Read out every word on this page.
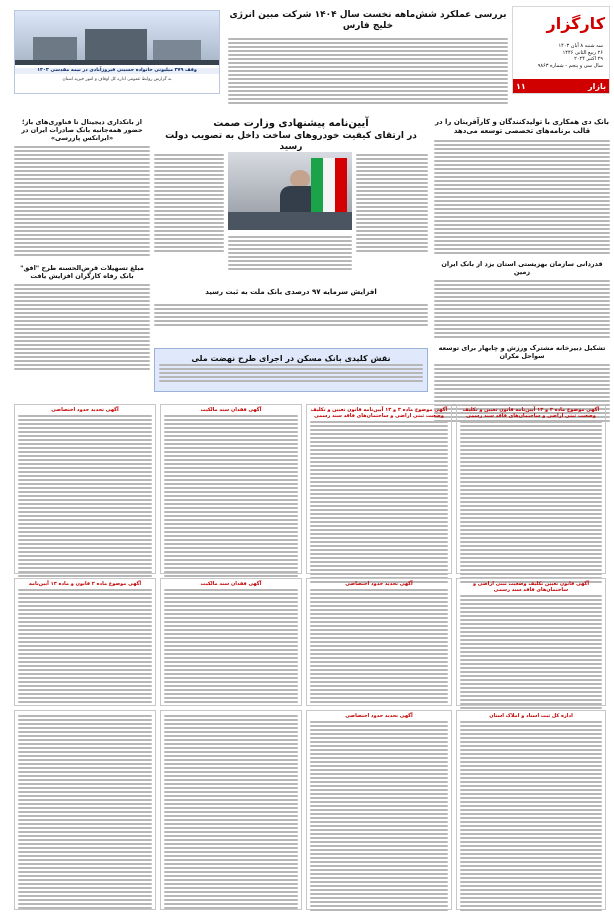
کارگزار
سه شنبه ۸ آبان ۱۴۰۳
۲۶ ربیع الثانی ۱۴۴۶
۲۹ اکتبر ۲۰۲۴
سال سی و پنجم - شماره ۹۸۶۳
بازار
۱۱
بررسی عملکرد شش‌ماهه نخست سال ۱۴۰۴ شرکت مبین انرژی خلیج فارس
وقف ۳۷۹ میلیونی خانواده حسینی فیروزآبادی در نیمه مقدسی ۱۴۰۳
به گزارش روابط عمومی اداره کل اوقاف و امور خیریه استان
بانک دی همکاری با تولیدکنندگان و کارآفرینان را در قالب برنامه‌های تخصصی توسعه می‌دهد
قدردانی سازمان بهزیستی استان یزد از بانک ایران زمین
تشکیل دبیرخانه مشترک ورزش و چابهار برای توسعه سواحل مکران
آیین‌نامه پیشنهادی وزارت صمت
در ارتقای کیفیت خودروهای ساخت داخل به تصویب دولت رسید
افزایش سرمایه ۹۷ درصدی بانک ملت به ثبت رسید
نقش کلیدی بانک مسکن در اجرای طرح نهضت ملی
از بانکداری دیجیتال تا فناوری‌های باز؛ حضور همه‌جانبه بانک صادرات ایران در «ایرانکس پازرسی»
مبلغ تسهیلات قرض‌الحسنه طرح "افق" بانک رفاه کارگران افزایش یافت
آگهی موضوع ماده ۳ و ۱۳ آیین‌نامه قانون تعیین و تکلیف وضعیت ثبتی اراضی و ساختمان‌های فاقد سند رسمی
آگهی موضوع ماده ۳ و ۱۳ آیین‌نامه قانون تعیین و تکلیف وضعیت ثبتی اراضی و ساختمان‌های فاقد سند رسمی
آگهی فقدان سند مالکیت
آگهی تحدید حدود اختصاصی
آگهی قانون تعیین تکلیف وضعیت ثبتی اراضی و ساختمان‌های فاقد سند رسمی
آگهی تحدید حدود اختصاصی
آگهی فقدان سند مالکیت
آگهی موضوع ماده ۳ قانون و ماده ۱۳ آیین‌نامه
اداره کل ثبت اسناد و املاک استان
آگهی تحدید حدود اختصاصی
